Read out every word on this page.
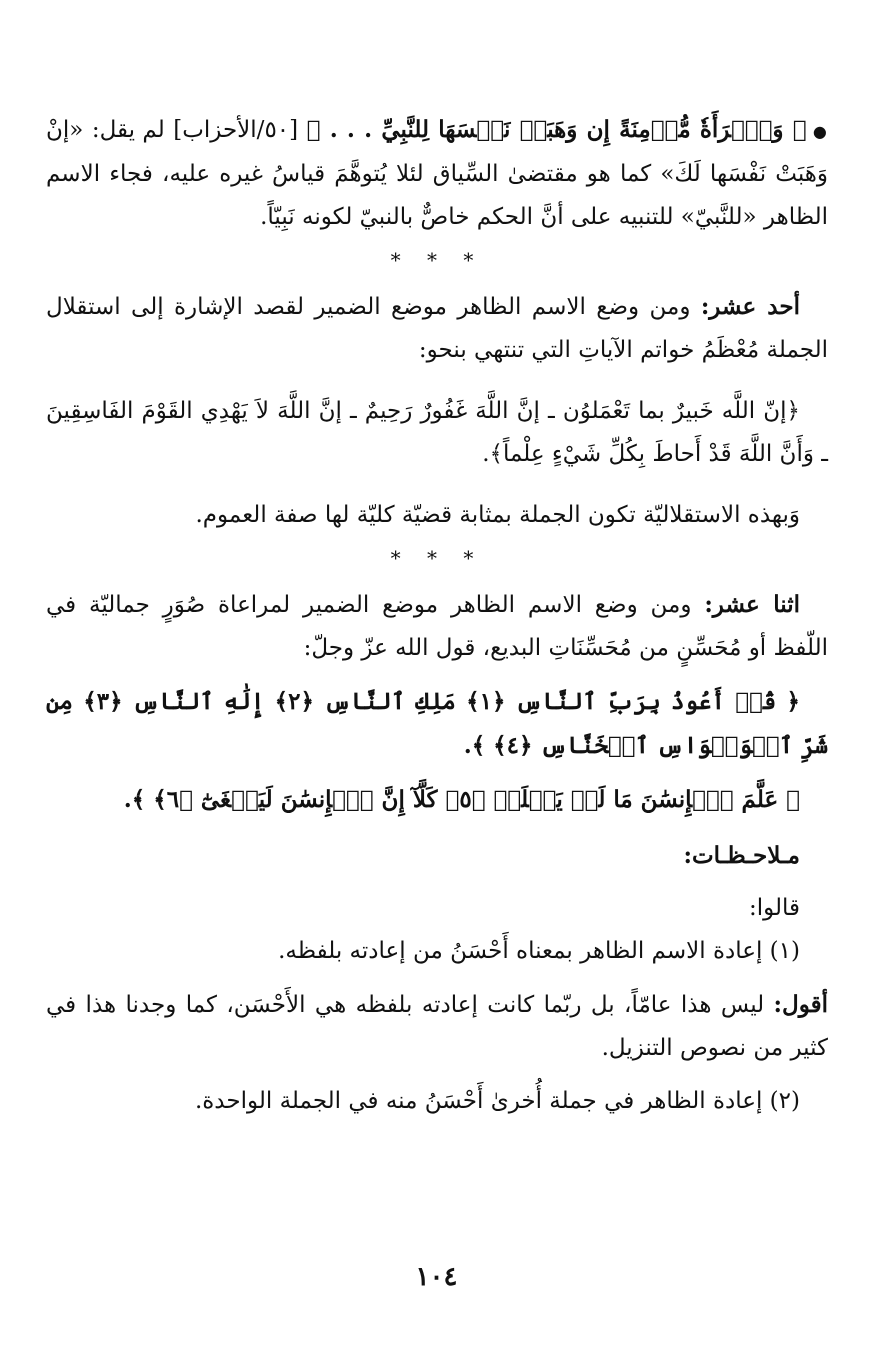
● ﴿ وَٱمۡرَأَةٗ مُّؤۡمِنَةً إِن وَهَبَتۡ نَفۡسَهَا لِلنَّبِيِّ . . . ﴾ [٥٠/الأحزاب] لم يقل: «إنْ وَهَبَتْ نَفْسَها لَكَ» كما هو مقتضىٰ السِّياق لئلا يُتوهَّمَ قياسُ غيره عليه، فجاء الاسم الظاهر «للنَّبيّ» للتنبيه على أنَّ الحكم خاصٌّ بالنبيّ لكونه نَبِيّاً.

* * *

أحد عشر: ومن وضع الاسم الظاهر موضع الضمير لقصد الإشارة إلى استقلال الجملة مُعْظَمُ خواتم الآياتِ التي تنتهي بنحو:

﴿إنّ اللَّه خَبيرٌ بما تَعْمَلوُن ـ إنَّ اللَّهَ غَفُورٌ رَحِيمٌ ـ إنَّ اللَّهَ لاَ يَهْدِي القَوْمَ الفَاسِقِينَ ـ وَأَنَّ اللَّهَ قَدْ أَحاطَ بِكُلِّ شَيْءٍ عِلْماً﴾.

وَبهذه الاستقلاليّة تكون الجملة بمثابة قضيّة كليّة لها صفة العموم.

* * *

اثنا عشر: ومن وضع الاسم الظاهر موضع الضمير لمراعاة صُوَرٍ جماليّة في اللّفظ أو مُحَسِّنٍ من مُحَسِّنَاتِ البديع، قول الله عزّ وجلّ:

﴿ قُلۡ أَعُوذُ بِرَبِّ ٱلنَّاسِ ﴿١﴾ مَلِكِ ٱلنَّاسِ ﴿٢﴾ إِلَٰهِ ٱلنَّاسِ ﴿٣﴾ مِن شَرِّ ٱلۡوَسۡوَاسِ ٱلۡخَنَّاسِ ﴿٤﴾ ﴾.

﴿ عَلَّمَ ٱلۡإِنسَٰنَ مَا لَمۡ يَعۡلَمۡ ﴿٥﴾ كَلَّآ إِنَّ ٱلۡإِنسَٰنَ لَيَطۡغَىٰٓ ﴿٦﴾ ﴾.

مـلاحـظـات:

قالوا:

(١) إعادة الاسم الظاهر بمعناه أَحْسَنُ من إعادته بلفظه.

أقول: ليس هذا عامّاً، بل ربّما كانت إعادته بلفظه هي الأَحْسَن، كما وجدنا هذا في كثير من نصوص التنزيل.

(٢) إعادة الظاهر في جملة أُخرىٰ أَحْسَنُ منه في الجملة الواحدة.

١٠٤
